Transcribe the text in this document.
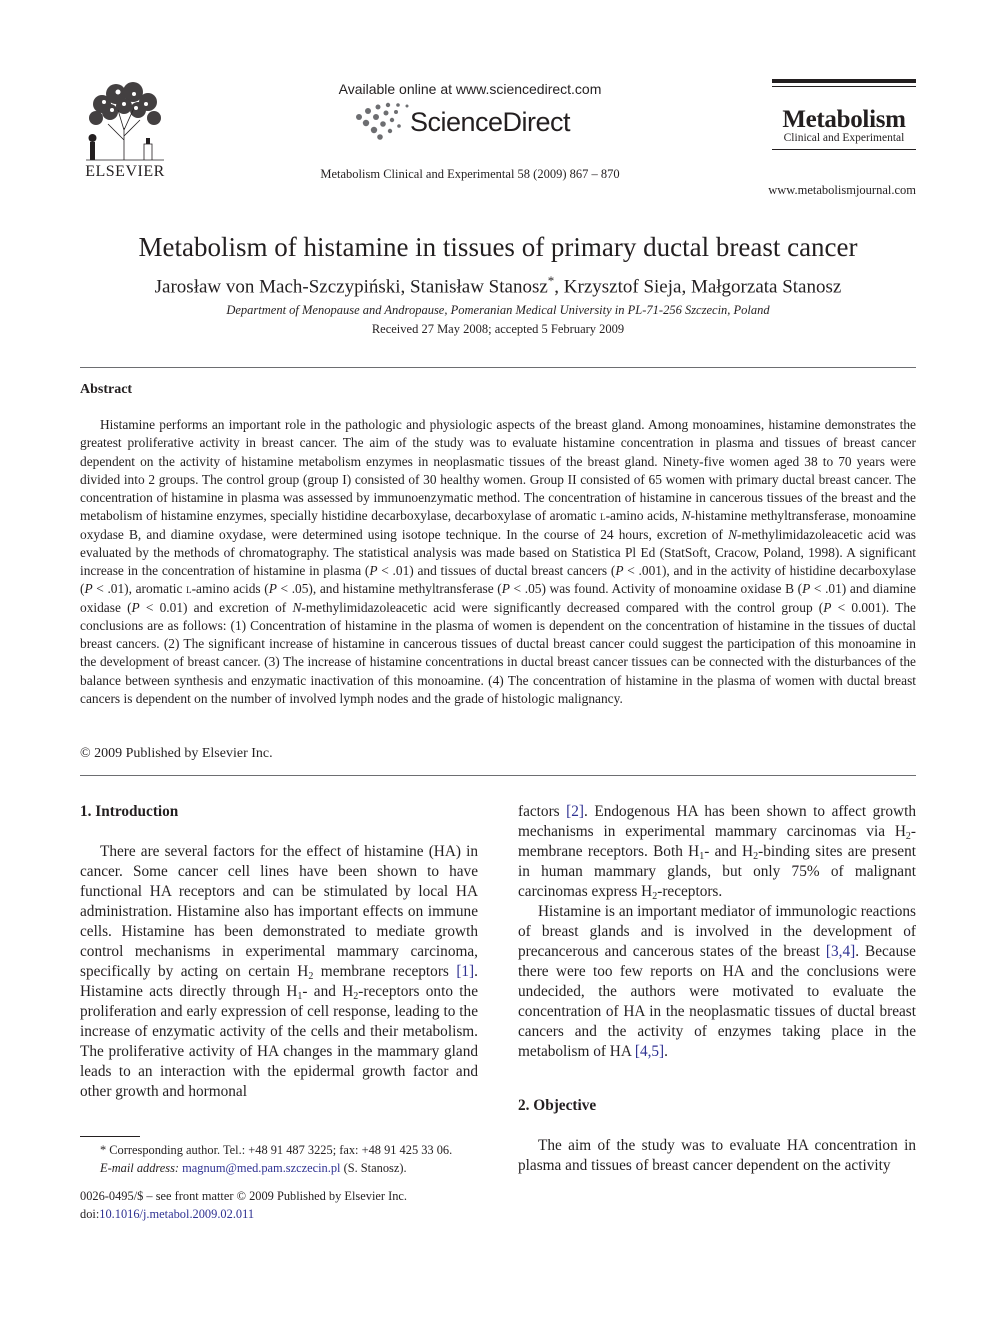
ELSEVIER
Available online at www.sciencedirect.com
ScienceDirect
Metabolism Clinical and Experimental 58 (2009) 867 – 870
Metabolism
Clinical and Experimental
www.metabolismjournal.com
Metabolism of histamine in tissues of primary ductal breast cancer
Jarosław von Mach-Szczypiński, Stanisław Stanosz*, Krzysztof Sieja, Małgorzata Stanosz
Department of Menopause and Andropause, Pomeranian Medical University in PL-71-256 Szczecin, Poland
Received 27 May 2008; accepted 5 February 2009
Abstract

Histamine performs an important role in the pathologic and physiologic aspects of the breast gland. Among monoamines, histamine demonstrates the greatest proliferative activity in breast cancer. The aim of the study was to evaluate histamine concentration in plasma and tissues of breast cancer dependent on the activity of histamine metabolism enzymes in neoplasmatic tissues of the breast gland. Ninety-five women aged 38 to 70 years were divided into 2 groups. The control group (group I) consisted of 30 healthy women. Group II consisted of 65 women with primary ductal breast cancer. The concentration of histamine in plasma was assessed by immunoenzymatic method. The concentration of histamine in cancerous tissues of the breast and the metabolism of histamine enzymes, specially histidine decarboxylase, decarboxylase of aromatic l-amino acids, N-histamine methyltransferase, monoamine oxydase B, and diamine oxydase, were determined using isotope technique. In the course of 24 hours, excretion of N-methylimidazoleacetic acid was evaluated by the methods of chromatography. The statistical analysis was made based on Statistica Pl Ed (StatSoft, Cracow, Poland, 1998). A significant increase in the concentration of histamine in plasma (P < .01) and tissues of ductal breast cancers (P < .001), and in the activity of histidine decarboxylase (P < .01), aromatic l-amino acids (P < .05), and histamine methyltransferase (P < .05) was found. Activity of monoamine oxidase B (P < .01) and diamine oxidase (P < 0.01) and excretion of N-methylimidazoleacetic acid were significantly decreased compared with the control group (P < 0.001). The conclusions are as follows: (1) Concentration of histamine in the plasma of women is dependent on the concentration of histamine in the tissues of ductal breast cancers. (2) The significant increase of histamine in cancerous tissues of ductal breast cancer could suggest the participation of this monoamine in the development of breast cancer. (3) The increase of histamine concentrations in ductal breast cancer tissues can be connected with the disturbances of the balance between synthesis and enzymatic inactivation of this monoamine. (4) The concentration of histamine in the plasma of women with ductal breast cancers is dependent on the number of involved lymph nodes and the grade of histologic malignancy.

© 2009 Published by Elsevier Inc.
1. Introduction

There are several factors for the effect of histamine (HA) in cancer. Some cancer cell lines have been shown to have functional HA receptors and can be stimulated by local HA administration. Histamine also has important effects on immune cells. Histamine has been demonstrated to mediate growth control mechanisms in experimental mammary carcinoma, specifically by acting on certain $H_2$ membrane receptors [1]. Histamine acts directly through $H_1-$ and $H_2$-receptors onto the proliferation and early expression of cell response, leading to the increase of enzymatic activity of the cells and their metabolism. The proliferative activity of HA changes in the mammary gland leads to an interaction with the epidermal growth factor and other growth and hormonal

* Corresponding author. Tel.: +48 91 487 3225; fax: +48 91 425 33 06.
E-mail address: magnum@med.pam.szczecin.pl (S. Stanosz).
0026-0495/$ – see front matter © 2009 Published by Elsevier Inc.
doi:10.1016/j.metabol.2009.02.011

factors [2]. Endogenous HA has been shown to affect growth mechanisms in experimental mammary carcinomas via $H_2$-membrane receptors. Both $H_1-$ and $H_2$-binding sites are present in human mammary glands, but only 75% of malignant carcinomas express $H_2$-receptors.

Histamine is an important mediator of immunologic reactions of breast glands and is involved in the development of precancerous and cancerous states of the breast [3,4]. Because there were too few reports on HA and the conclusions were undecided, the authors were motivated to evaluate the concentration of HA in the neoplasmatic tissues of ductal breast cancers and the activity of enzymes taking place in the metabolism of HA [4,5].

2. Objective

The aim of the study was to evaluate HA concentration in plasma and tissues of breast cancer dependent on the activity
